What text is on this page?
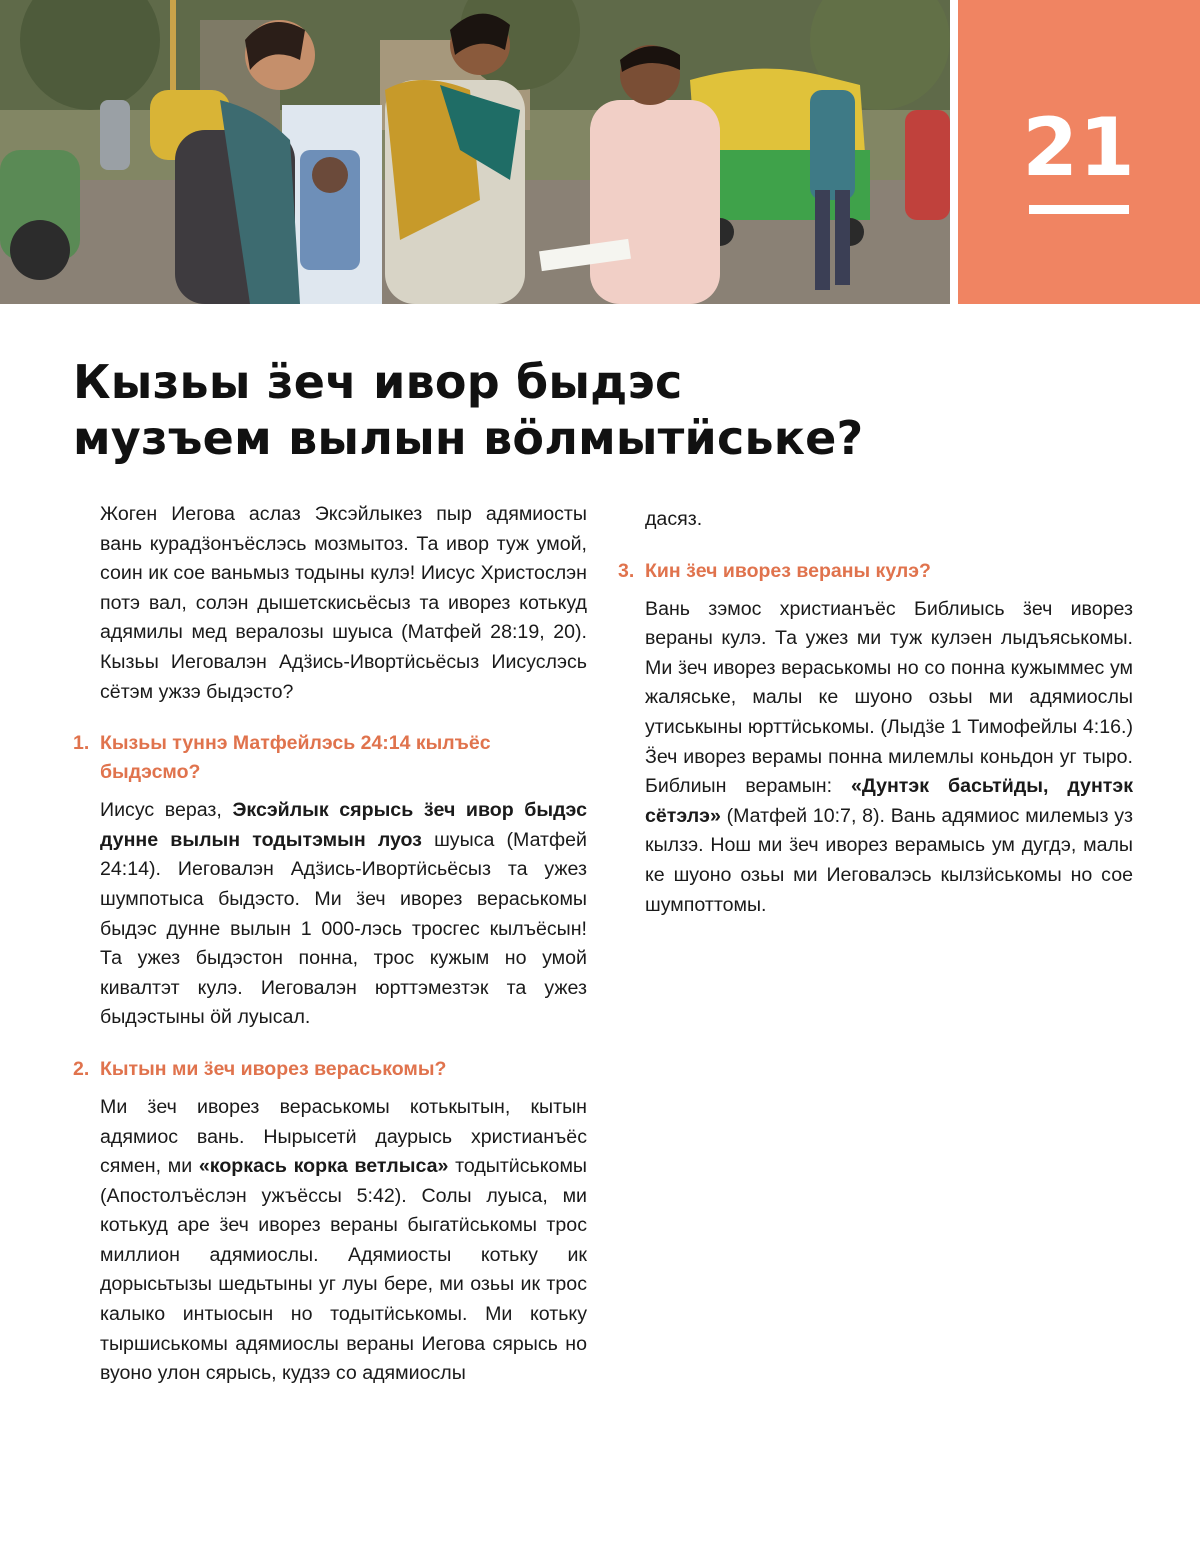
21
Кызьы ӟеч ивор быдэс
музъем вылын вӧлмытӥське?

Жоген Иегова аслаз Эксэйлыкез пыр адямиосты вань курадӟонъёслэсь мозмытоз. Та ивор туж умой, соин ик сое ваньмыз тодыны кулэ! Иисус Христослэн потэ вал, солэн дышетскисьёсыз та иворез котькуд адямилы мед вералозы шуыса (Матфей 28:19, 20). Кызьы Иеговалэн Адӟись-Ивортӥсьёсыз Иисуслэсь сётэм ужзэ быдэсто?

1. Кызьы туннэ Матфейлэсь 24:14 кылъёс быдэсмо?

Иисус вераз, Эксэйлык сярысь ӟеч ивор быдэс дунне вылын тодытэмын луоз шуыса (Матфей 24:14). Иеговалэн Адӟись-Ивортӥсьёсыз та ужез шумпотыса быдэсто. Ми ӟеч иворез вераськомы быдэс дунне вылын 1 000-лэсь тросгес кылъёсын! Та ужез быдэстон понна, трос кужым но умой кивалтэт кулэ. Иеговалэн юрттэмезтэк та ужез быдэстыны ӧй луысал.

2. Кытын ми ӟеч иворез вераськомы?

Ми ӟеч иворез вераськомы котькытын, кытын адямиос вань. Нырысетӥ даурысь христианъёс сямен, ми «коркась корка ветлыса» тодытӥськомы (Апостолъёслэн ужъёссы 5:42). Солы луыса, ми котькуд аре ӟеч иворез вераны быгатӥськомы трос миллион адямиослы. Адямиосты котьку ик дорысьтызы шедьтыны уг луы бере, ми озьы ик трос калыко интыосын но тодытӥськомы. Ми котьку тыршиськомы адямиослы вераны Иегова сярысь но вуоно улон сярысь, кудзэ со адямиослы

дасяз.

3. Кин ӟеч иворез вераны кулэ?

Вань зэмос христианъёс Библиысь ӟеч иворез вераны кулэ. Та ужез ми туж кулэен лыдъяськомы. Ми ӟеч иворез вераськомы но со понна кужыммес ум жаляське, малы ке шуоно озьы ми адямиослы утиськыны юрттӥськомы. (Лыдӟе 1 Тимофейлы 4:16.) Ӟеч иворез верамы понна милемлы коньдон уг тыро. Библиын верамын: «Дунтэк басьтӥды, дунтэк сётэлэ» (Матфей 10:7, 8). Вань адямиос милемыз уз кылзэ. Нош ми ӟеч иворез верамысь ум дугдэ, малы ке шуоно озьы ми Иеговалэсь кылзӥськомы но сое шумпоттомы.
